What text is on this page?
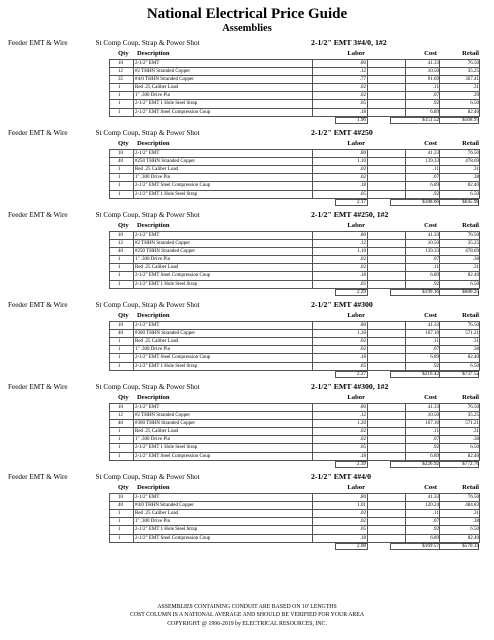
National Electrical Price Guide
Assemblies
Feeder EMT & Wire	St Comp Coup, Strap & Power Shot	2-1/2" EMT 3#4/0, 1#2
Qty	Description	Labor	Cost	Retail
10	2-1/2" EMT	.80	41.33	76.50
12	#2 THHN Stranded Copper	.12	10.50	35.25
35	#4/0 THHN Stranded Copper	.77	91.69	367.41
1	Red .25 Caliber Load	.02	.11	.31
1	1" .300 Drive Pin	.02	.07	.39
1	2-1/2" EMT 1 Hole Steel Strap	.05	.92	6.50
1	2-1/2" EMT Steel Compression Coup	.18	6.89	82.40
1.96	$151.52	$568.97
Feeder EMT & Wire	St Comp Coup, Strap & Power Shot	2-1/2" EMT 4#250
Qty	Description	Labor	Cost	Retail
10	2-1/2" EMT	.80	41.33	76.50
40	#250 THHN Stranded Copper	1.10	139.33	478.69
1	Red .25 Caliber Load	.02	.11	.31
1	1" .300 Drive Pin	.02	.07	.38
1	2-1/2" EMT Steel Compression Coup	.18	6.89	82.40
1	2-1/2" EMT 1 Hole Steel Strap	.05	.92	6.50
2.17	$188.66	$645.98
Feeder EMT & Wire	St Comp Coup, Strap & Power Shot	2-1/2" EMT 4#250, 1#2
Qty	Description	Labor	Cost	Retail
10	2-1/2" EMT	.80	41.33	76.50
12	#2 THHN Stranded Copper	.12	10.50	35.25
40	#250 THHN Stranded Copper	1.10	139.33	478.69
1	1" .300 Drive Pin	.02	.07	.38
1	Red .25 Caliber Load	.02	.11	.31
1	2-1/2" EMT Steel Compression Coup	.18	6.89	82.40
1	2-1/2" EMT 1 Hole Steel Strap	.05	.92	6.50
2.29	$199.16	$680.25
Feeder EMT & Wire	St Comp Coup, Strap & Power Shot	2-1/2" EMT 4#300
Qty	Description	Labor	Cost	Retail
10	2-1/2" EMT	.80	41.33	76.50
40	#300 THHN Stranded Copper	1.20	167.10	571.21
1	Red .25 Caliber Load	.02	.11	.31
1	1" .300 Drive Pin	.02	.07	.38
1	2-1/2" EMT Steel Compression Coup	.18	6.89	82.40
1	2-1/2" EMT 1 Hole Steel Strap	.05	.92	6.50
2.27	$216.42	$737.52
Feeder EMT & Wire	St Comp Coup, Strap & Power Shot	2-1/2" EMT 4#300, 1#2
Qty	Description	Labor	Cost	Retail
10	2-1/2" EMT	.80	41.33	76.50
12	#2 THHN Stranded Copper	.12	10.50	35.25
40	#300 THHN Stranded Copper	1.20	167.10	571.21
1	Red .25 Caliber Load	.02	.11	.31
1	1" .300 Drive Pin	.02	.07	.38
1	2-1/2" EMT 1 Hole Steel Strap	.05	.92	6.50
1	2-1/2" EMT Steel Compression Coup	.18	6.89	82.40
2.39	$226.92	$772.76
Feeder EMT & Wire	St Comp Coup, Strap & Power Shot	2-1/2" EMT 4#4/0
Qty	Description	Labor	Cost	Retail
10	2-1/2" EMT	.80	41.33	76.50
40	#4/0 THHN Stranded Copper	1.01	120.24	484.83
1	Red .25 Caliber Load	.02	.11	.31
1	1" .300 Drive Pin	.02	.07	.38
1	2-1/2" EMT 1 Hole Steel Strap	.05	.92	6.50
1	2-1/2" EMT Steel Compression Coup	.18	6.89	82.40
2.08	$169.57	$570.34
ASSEMBLIES CONTAINING CONDUIT ARE BASED ON 10' LENGTHS
COST COLUMN IS A NATIONAL AVERAGE AND SHOULD BE VERIFIED FOR YOUR AREA
COPYRIGHT @ 1996-2019 by ELECTRICAL RESOURCES, INC.
